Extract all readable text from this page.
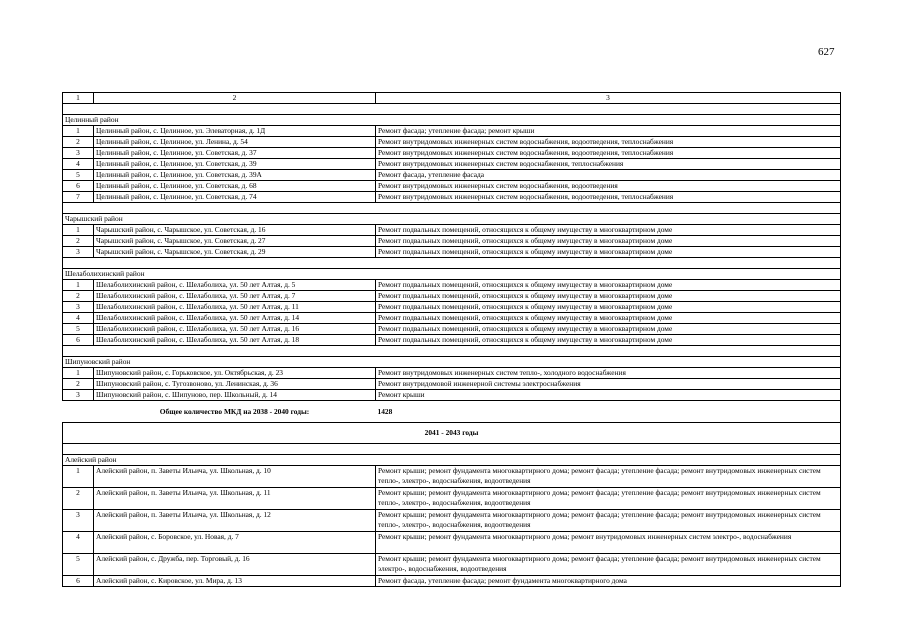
627
1	2	3

Целинный район		
1	Целинный район, с. Целинное, ул. Элеваторная, д. 1Д	Ремонт фасада; утепление фасада; ремонт крыши
2	Целинный район, с. Целинное, ул. Ленина, д. 54	Ремонт внутридомовых инженерных систем водоснабжения, водоотведения, теплоснабжения
3	Целинный район, с. Целинное, ул. Советская, д. 37	Ремонт внутридомовых инженерных систем водоснабжения, водоотведения, теплоснабжения
4	Целинный район, с. Целинное, ул. Советская, д. 39	Ремонт внутридомовых инженерных систем водоснабжения, теплоснабжения
5	Целинный район, с. Целинное, ул. Советская, д. 39А	Ремонт фасада, утепление фасада
6	Целинный район, с. Целинное, ул. Советская, д. 68	Ремонт внутридомовых инженерных систем водоснабжения, водоотведения
7	Целинный район, с. Целинное, ул. Советская, д. 74	Ремонт внутридомовых инженерных систем водоснабжения, водоотведения, теплоснабжения

Чарышский район		
1	Чарышский район, с. Чарышское, ул. Советская, д. 16	Ремонт подвальных помещений, относящихся к общему имуществу в многоквартирном доме
2	Чарышский район, с. Чарышское, ул. Советская, д. 27	Ремонт подвальных помещений, относящихся к общему имуществу в многоквартирном доме
3	Чарышский район, с. Чарышское, ул. Советская, д. 29	Ремонт подвальных помещений, относящихся к общему имуществу в многоквартирном доме

Шелаболихинский район		
1	Шелаболихинский район, с. Шелаболиха, ул. 50 лет Алтая, д. 5	Ремонт подвальных помещений, относящихся к общему имуществу в многоквартирном доме
2	Шелаболихинский район, с. Шелаболиха, ул. 50 лет Алтая, д. 7	Ремонт подвальных помещений, относящихся к общему имуществу в многоквартирном доме
3	Шелаболихинский район, с. Шелаболиха, ул. 50 лет Алтая, д. 11	Ремонт подвальных помещений, относящихся к общему имуществу в многоквартирном доме
4	Шелаболихинский район, с. Шелаболиха, ул. 50 лет Алтая, д. 14	Ремонт подвальных помещений, относящихся к общему имуществу в многоквартирном доме
5	Шелаболихинский район, с. Шелаболиха, ул. 50 лет Алтая, д. 16	Ремонт подвальных помещений, относящихся к общему имуществу в многоквартирном доме
6	Шелаболихинский район, с. Шелаболиха, ул. 50 лет Алтая, д. 18	Ремонт подвальных помещений, относящихся к общему имуществу в многоквартирном доме

Шипуновский район		
1	Шипуновский район, с. Горьковское, ул. Октябрьская, д. 23	Ремонт внутридомовых инженерных систем тепло-, холодного водоснабжения
2	Шипуновский район, с. Тугозвоново, ул. Ленинская, д. 36	Ремонт внутридомовой инженерной системы электроснабжения
3	Шипуновский район, с. Шипуново, пер. Школьный, д. 14	Ремонт крыши
	Общее количество МКД на 2038 - 2040 годы:	1428
2041 - 2043 годы		

Алейский район		
1	Алейский район, п. Заветы Ильича, ул. Школьная, д. 10	Ремонт крыши; ремонт фундамента многоквартирного дома; ремонт фасада; утепление фасада; ремонт внутридомовых инженерных систем тепло-, электро-, водоснабжения, водоотведения
2	Алейский район, п. Заветы Ильича, ул. Школьная, д. 11	Ремонт крыши; ремонт фундамента многоквартирного дома; ремонт фасада; утепление фасада; ремонт внутридомовых инженерных систем тепло-, электро-, водоснабжения, водоотведения
3	Алейский район, п. Заветы Ильича, ул. Школьная, д. 12	Ремонт крыши; ремонт фундамента многоквартирного дома; ремонт фасада; утепление фасада; ремонт внутридомовых инженерных систем тепло-, электро-, водоснабжения, водоотведения
4	Алейский район, с. Боровское, ул. Новая, д. 7	Ремонт крыши; ремонт фундамента многоквартирного дома; ремонт внутридомовых инженерных систем электро-, водоснабжения
5	Алейский район, с. Дружба, пер. Торговый, д. 16	Ремонт крыши; ремонт фундамента многоквартирного дома; ремонт фасада; утепление фасада; ремонт внутридомовых инженерных систем электро-, водоснабжения, водоотведения
6	Алейский район, с. Кировское, ул. Мира, д. 13	Ремонт фасада, утепление фасада; ремонт фундамента многоквартирного дома
